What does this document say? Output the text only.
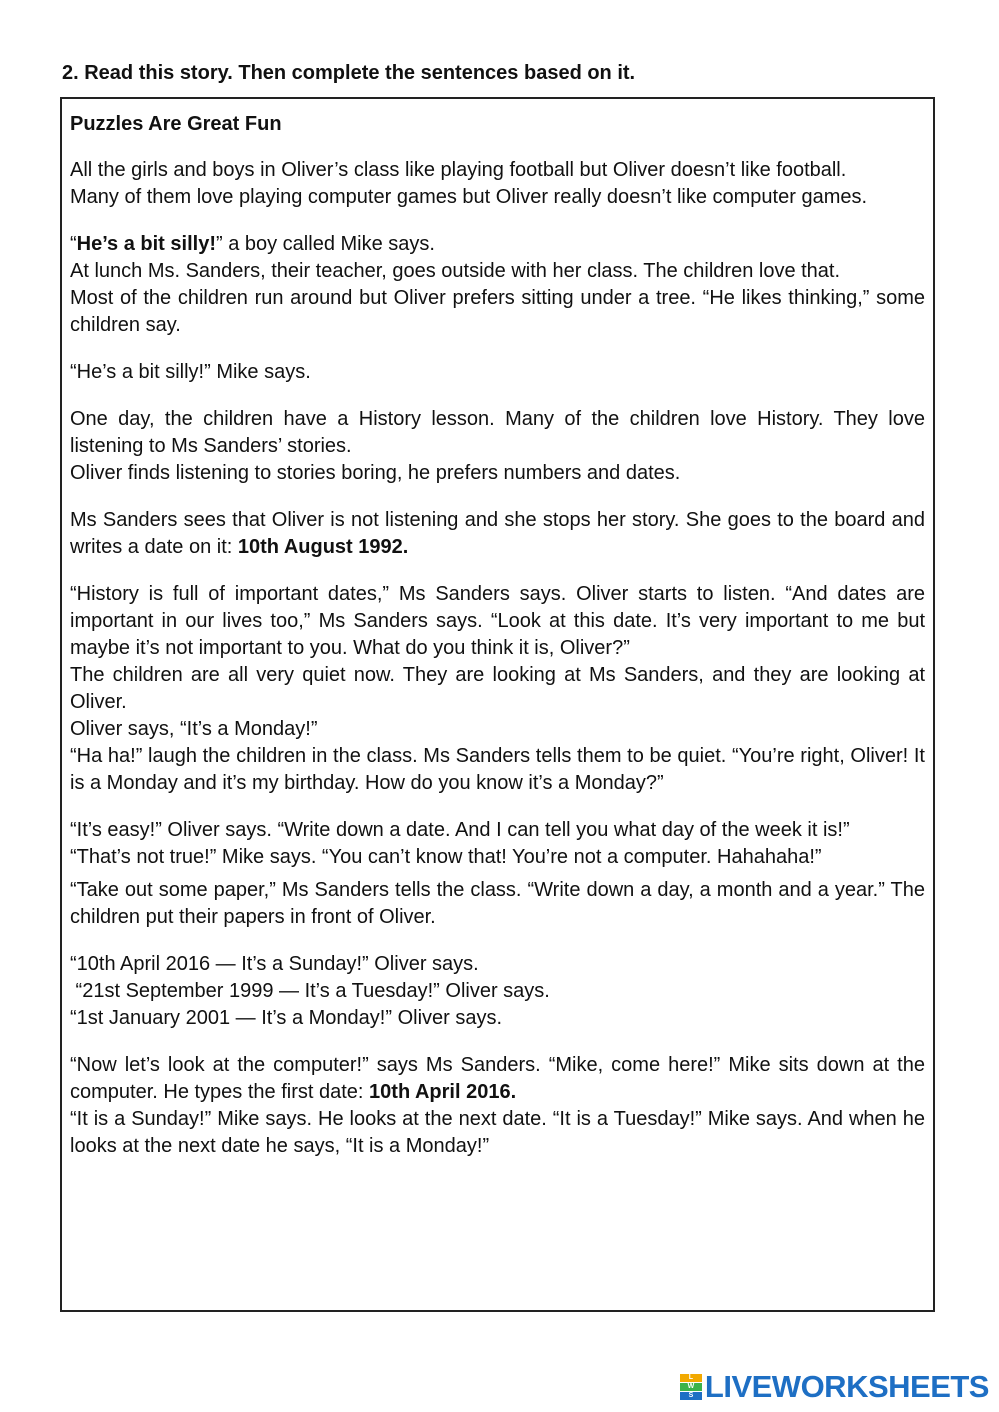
2. Read this story. Then complete the sentences based on it.

Puzzles Are Great Fun

All the girls and boys in Oliver’s class like playing football but Oliver doesn’t like football.
Many of them love playing computer games but Oliver really doesn’t like computer games.

“He’s a bit silly!” a boy called Mike says.
At lunch Ms. Sanders, their teacher, goes outside with her class. The children love that.
Most of the children run around but Oliver prefers sitting under a tree. “He likes thinking,” some children say.

“He’s a bit silly!” Mike says.

One day, the children have a History lesson. Many of the children love History. They love listening to Ms Sanders’ stories.
Oliver finds listening to stories boring, he prefers numbers and dates.

Ms Sanders sees that Oliver is not listening and she stops her story. She goes to the board and writes a date on it: 10th August 1992.

“History is full of important dates,” Ms Sanders says. Oliver starts to listen. “And dates are important in our lives too,” Ms Sanders says. “Look at this date. It’s very important to me but maybe it’s not important to you. What do you think it is, Oliver?”
The children are all very quiet now. They are looking at Ms Sanders, and they are looking at Oliver.
Oliver says, “It’s a Monday!”
“Ha ha!” laugh the children in the class. Ms Sanders tells them to be quiet. “You’re right, Oliver! It is a Monday and it’s my birthday. How do you know it’s a Monday?”

“It’s easy!” Oliver says. “Write down a date. And I can tell you what day of the week it is!”
“That’s not true!” Mike says. “You can’t know that! You’re not a computer. Hahahaha!”

“Take out some paper,” Ms Sanders tells the class. “Write down a day, a month and a year.” The children put their papers in front of Oliver.

“10th April 2016 — It’s a Sunday!” Oliver says.
“21st September 1999 — It’s a Tuesday!” Oliver says.
“1st January 2001 — It’s a Monday!” Oliver says.

“Now let’s look at the computer!” says Ms Sanders. “Mike, come here!” Mike sits down at the computer. He types the first date: 10th April 2016.
“It is a Sunday!” Mike says. He looks at the next date. “It is a Tuesday!” Mike says. And when he looks at the next date he says, “It is a Monday!”

L
W
S LIVEWORKSHEETS
